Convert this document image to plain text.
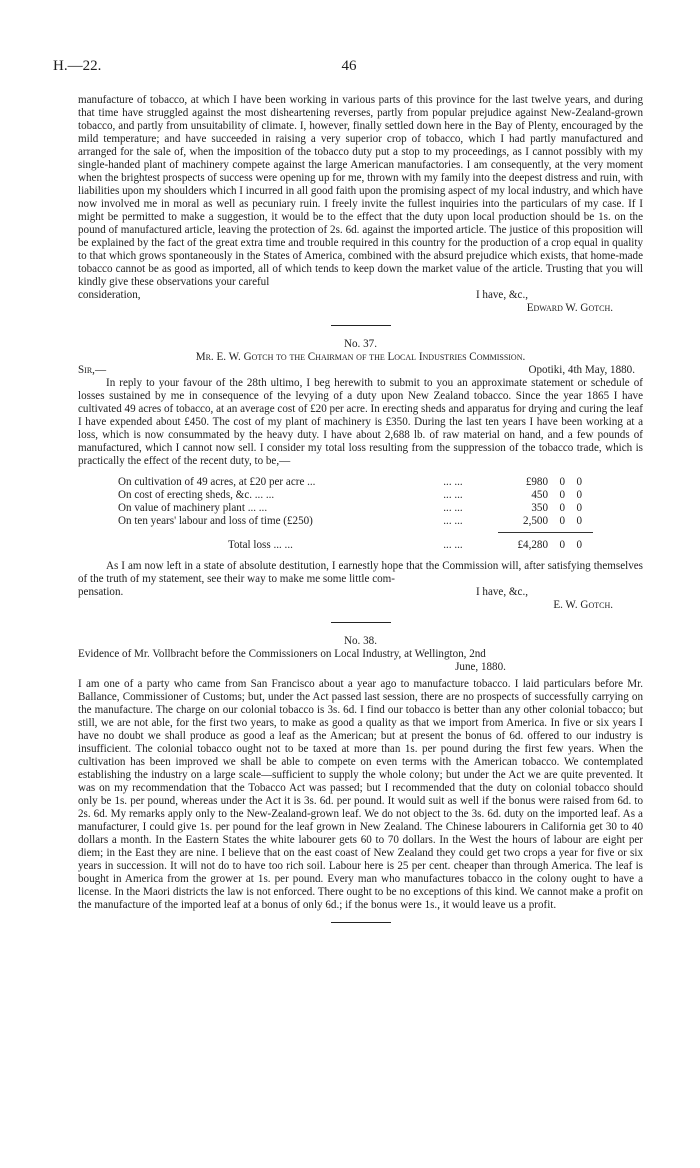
H.—22.	46

manufacture of tobacco, at which I have been working in various parts of this province for the last twelve years, and during that time have struggled against the most disheartening reverses, partly from popular prejudice against New-Zealand-grown tobacco, and partly from unsuitability of climate. I, however, finally settled down here in the Bay of Plenty, encouraged by the mild temperature; and have succeeded in raising a very superior crop of tobacco, which I had partly manufactured and arranged for the sale of, when the imposition of the tobacco duty put a stop to my proceedings, as I cannot possibly with my single-handed plant of machinery compete against the large American manufactories. I am consequently, at the very moment when the brightest prospects of success were opening up for me, thrown with my family into the deepest distress and ruin, with liabilities upon my shoulders which I incurred in all good faith upon the promising aspect of my local industry, and which have now involved me in moral as well as pecuniary ruin. I freely invite the fullest inquiries into the particulars of my case. If I might be permitted to make a suggestion, it would be to the effect that the duty upon local production should be 1s. on the pound of manufactured article, leaving the protection of 2s. 6d. against the imported article. The justice of this proposition will be explained by the fact of the great extra time and trouble required in this country for the production of a crop equal in quality to that which grows spontaneously in the States of America, combined with the absurd prejudice which exists, that home-made tobacco cannot be as good as imported, all of which tends to keep down the market value of the article. Trusting that you will kindly give these observations your careful

consideration,	I have, &c.,

Edward W. Gotch.

No. 37.

Mr. E. W. Gotch to the Chairman of the Local Industries Commission.

Sir,—	Opotiki, 4th May, 1880.

In reply to your favour of the 28th ultimo, I beg herewith to submit to you an approximate statement or schedule of losses sustained by me in consequence of the levying of a duty upon New Zealand tobacco. Since the year 1865 I have cultivated 49 acres of tobacco, at an average cost of £20 per acre. In erecting sheds and apparatus for drying and curing the leaf I have expended about £450. The cost of my plant of machinery is £350. During the last ten years I have been working at a loss, which is now consummated by the heavy duty. I have about 2,688 lb. of raw material on hand, and a few pounds of manufactured, which I cannot now sell. I consider my total loss resulting from the suppression of the tobacco trade, which is practically the effect of the recent duty, to be,—

On cultivation of 49 acres, at £20 per acre ...	... ...	£980	0	0
On cost of erecting sheds, &c. ... ...	... ...	450	0	0
On value of machinery plant ... ...	... ...	350	0	0
On ten years' labour and loss of time (£250)	... ...	2,500	0	0
Total loss ... ...	... ...	£4,280	0	0

As I am now left in a state of absolute destitution, I earnestly hope that the Commission will, after satisfying themselves of the truth of my statement, see their way to make me some little com-

pensation.	I have, &c.,

E. W. Gotch.

No. 38.

Evidence of Mr. Vollbracht before the Commissioners on Local Industry, at Wellington, 2nd

June, 1880.

I am one of a party who came from San Francisco about a year ago to manufacture tobacco. I laid particulars before Mr. Ballance, Commissioner of Customs; but, under the Act passed last session, there are no prospects of successfully carrying on the manufacture. The charge on our colonial tobacco is 3s. 6d. I find our tobacco is better than any other colonial tobacco; but still, we are not able, for the first two years, to make as good a quality as that we import from America. In five or six years I have no doubt we shall produce as good a leaf as the American; but at present the bonus of 6d. offered to our industry is insufficient. The colonial tobacco ought not to be taxed at more than 1s. per pound during the first few years. When the cultivation has been improved we shall be able to compete on even terms with the American tobacco. We contemplated establishing the industry on a large scale—sufficient to supply the whole colony; but under the Act we are quite prevented. It was on my recommendation that the Tobacco Act was passed; but I recommended that the duty on colonial tobacco should only be 1s. per pound, whereas under the Act it is 3s. 6d. per pound. It would suit as well if the bonus were raised from 6d. to 2s. 6d. My remarks apply only to the New-Zealand-grown leaf. We do not object to the 3s. 6d. duty on the imported leaf. As a manufacturer, I could give 1s. per pound for the leaf grown in New Zealand. The Chinese labourers in California get 30 to 40 dollars a month. In the Eastern States the white labourer gets 60 to 70 dollars. In the West the hours of labour are eight per diem; in the East they are nine. I believe that on the east coast of New Zealand they could get two crops a year for five or six years in succession. It will not do to have too rich soil. Labour here is 25 per cent. cheaper than through America. The leaf is bought in America from the grower at 1s. per pound. Every man who manufactures tobacco in the colony ought to have a license. In the Maori districts the law is not enforced. There ought to be no exceptions of this kind. We cannot make a profit on the manufacture of the imported leaf at a bonus of only 6d.; if the bonus were 1s., it would leave us a profit.
